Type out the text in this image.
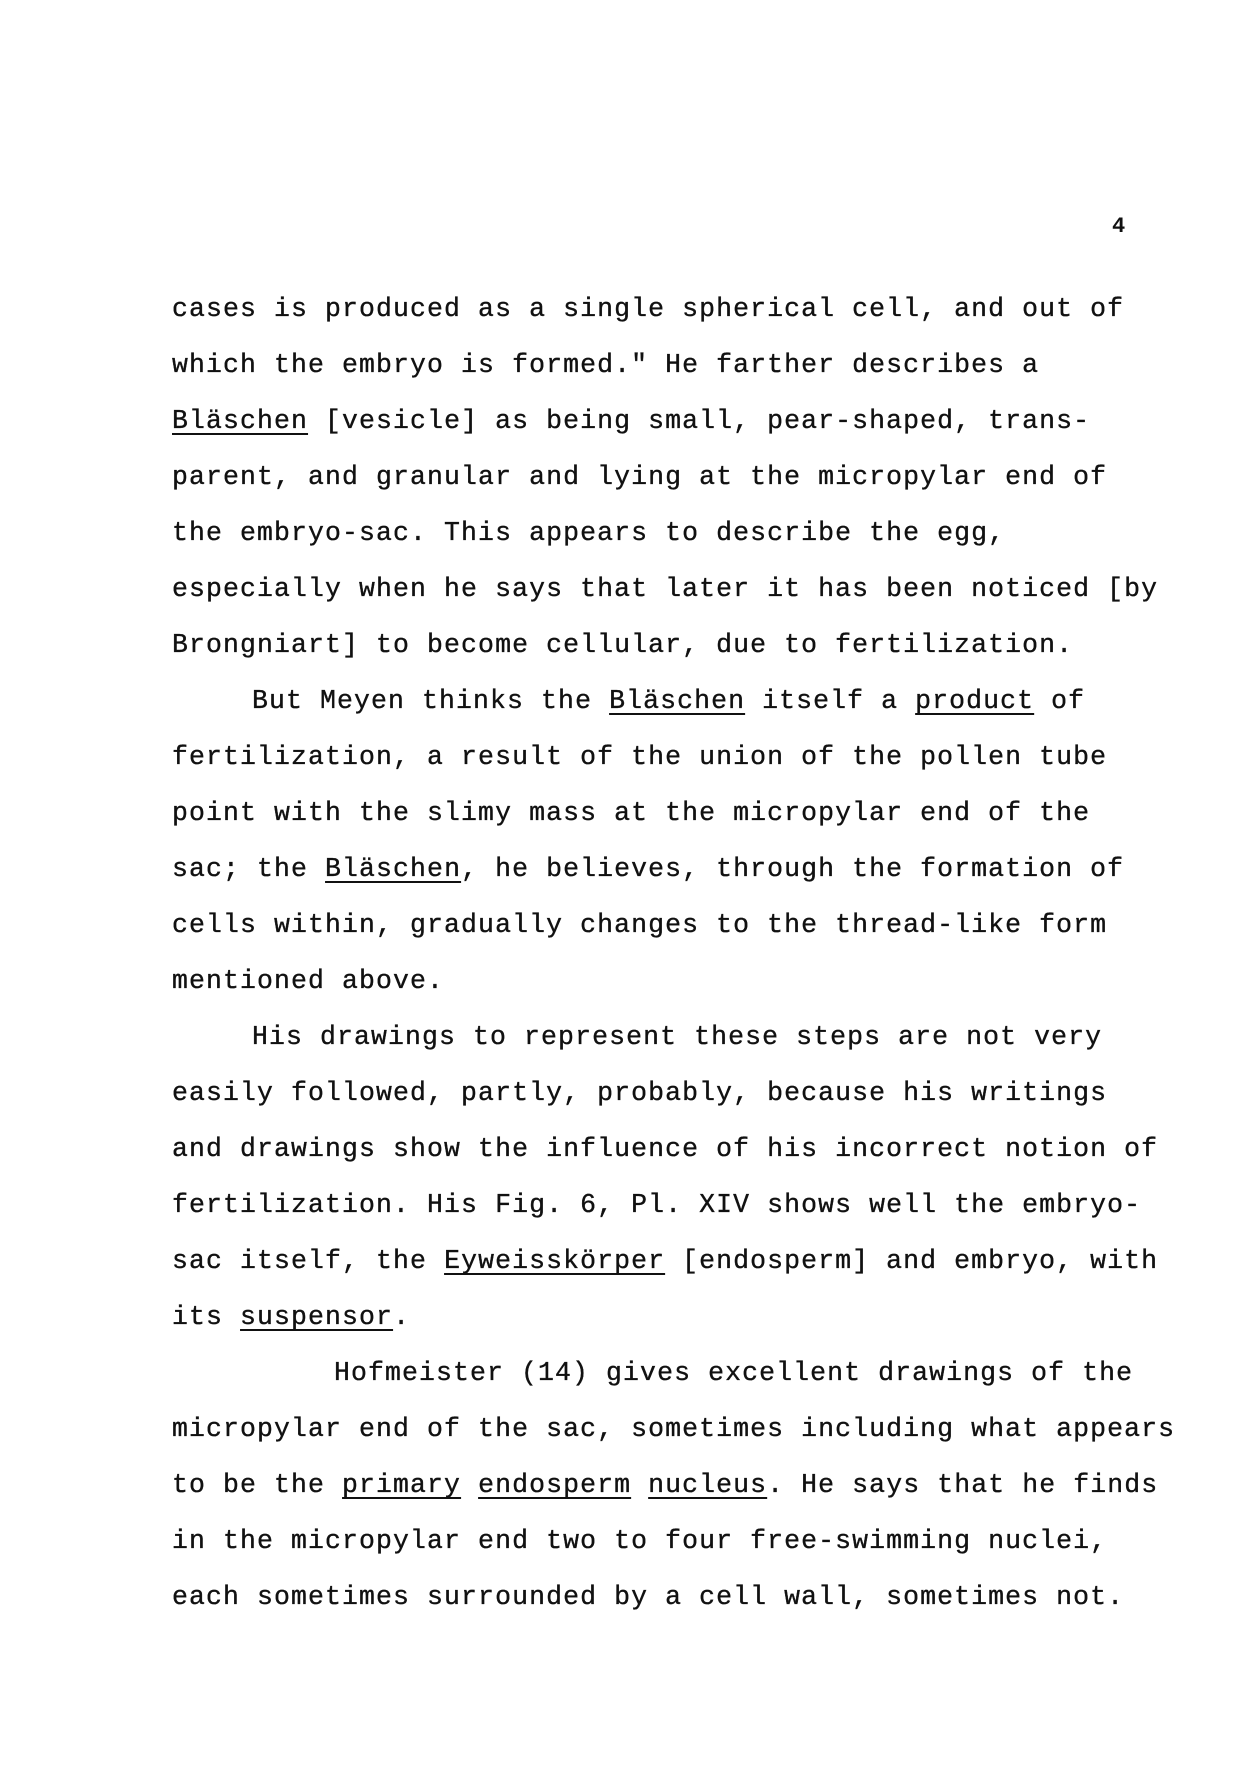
4

cases is produced as a single spherical cell, and out of

which the embryo is formed." He farther describes a

Bläschen [vesicle] as being small, pear-shaped, trans-

parent, and granular and lying at the micropylar end of

the embryo-sac. This appears to describe the egg,

especially when he says that later it has been noticed [by

Brongniart] to become cellular, due to fertilization.

But Meyen thinks the Bläschen itself a product of

fertilization, a result of the union of the pollen tube

point with the slimy mass at the micropylar end of the

sac; the Bläschen, he believes, through the formation of

cells within, gradually changes to the thread-like form

mentioned above.

His drawings to represent these steps are not very

easily followed, partly, probably, because his writings

and drawings show the influence of his incorrect notion of

fertilization. His Fig. 6, Pl. XIV shows well the embryo-

sac itself, the Eyweisskörper [endosperm] and embryo, with

its suspensor.

Hofmeister (14) gives excellent drawings of the

micropylar end of the sac, sometimes including what appears

to be the primary endosperm nucleus. He says that he finds

in the micropylar end two to four free-swimming nuclei,

each sometimes surrounded by a cell wall, sometimes not.
